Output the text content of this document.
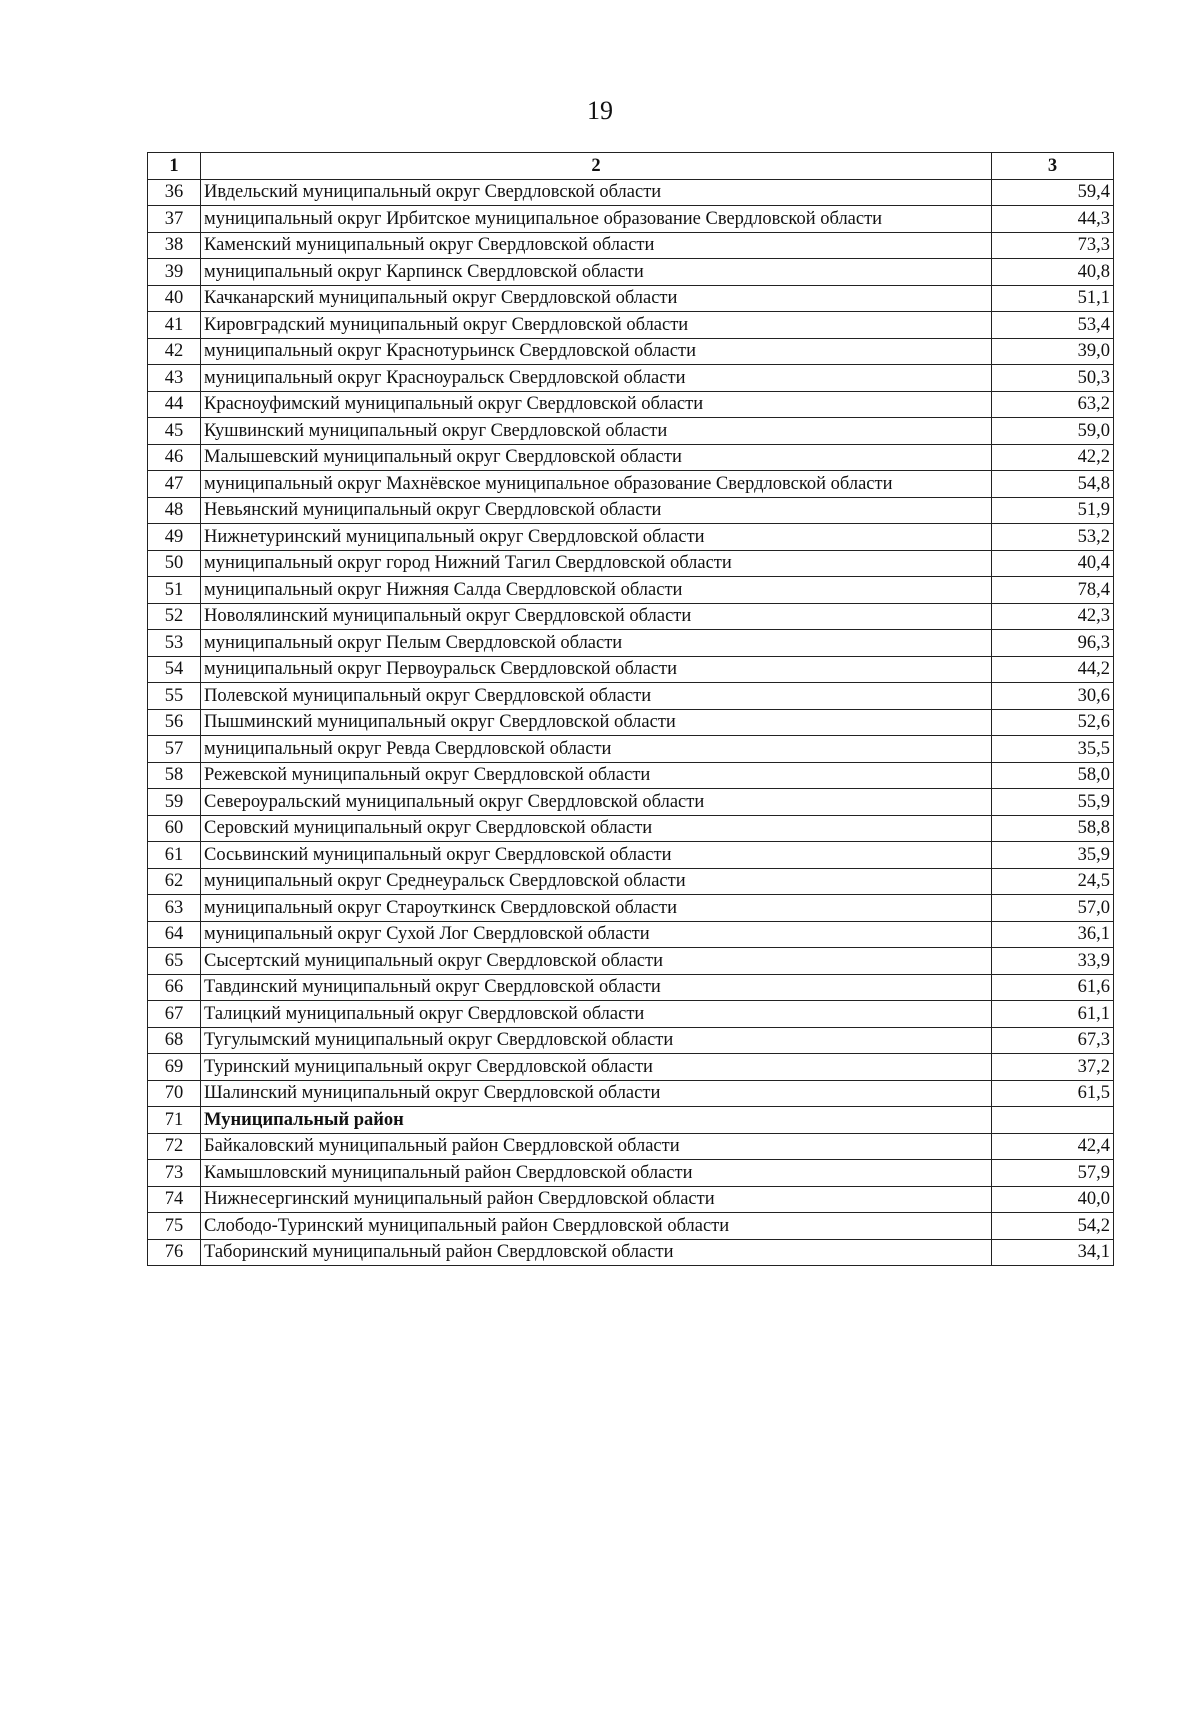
19
1	2	3
36	Ивдельский муниципальный округ Свердловской области	59,4
37	муниципальный округ Ирбитское муниципальное образование Свердловской области	44,3
38	Каменский муниципальный округ Свердловской области	73,3
39	муниципальный округ Карпинск Свердловской области	40,8
40	Качканарский муниципальный округ Свердловской области	51,1
41	Кировградский муниципальный округ Свердловской области	53,4
42	муниципальный округ Краснотурьинск Свердловской области	39,0
43	муниципальный округ Красноуральск Свердловской области	50,3
44	Красноуфимский муниципальный округ Свердловской области	63,2
45	Кушвинский муниципальный округ Свердловской области	59,0
46	Малышевский муниципальный округ Свердловской области	42,2
47	муниципальный округ Махнёвское муниципальное образование Свердловской области	54,8
48	Невьянский муниципальный округ Свердловской области	51,9
49	Нижнетуринский муниципальный округ Свердловской области	53,2
50	муниципальный округ город Нижний Тагил Свердловской области	40,4
51	муниципальный округ Нижняя Салда Свердловской области	78,4
52	Новолялинский муниципальный округ Свердловской области	42,3
53	муниципальный округ Пелым Свердловской области	96,3
54	муниципальный округ Первоуральск Свердловской области	44,2
55	Полевской муниципальный округ Свердловской области	30,6
56	Пышминский муниципальный округ Свердловской области	52,6
57	муниципальный округ Ревда Свердловской области	35,5
58	Режевской муниципальный округ Свердловской области	58,0
59	Североуральский муниципальный округ Свердловской области	55,9
60	Серовский муниципальный округ Свердловской области	58,8
61	Сосьвинский муниципальный округ Свердловской области	35,9
62	муниципальный округ Среднеуральск Свердловской области	24,5
63	муниципальный округ Староуткинск Свердловской области	57,0
64	муниципальный округ Сухой Лог Свердловской области	36,1
65	Сысертский муниципальный округ Свердловской области	33,9
66	Тавдинский муниципальный округ Свердловской области	61,6
67	Талицкий муниципальный округ Свердловской области	61,1
68	Тугулымский муниципальный округ Свердловской области	67,3
69	Туринский муниципальный округ Свердловской области	37,2
70	Шалинский муниципальный округ Свердловской области	61,5
71	Муниципальный район	
72	Байкаловский муниципальный район Свердловской области	42,4
73	Камышловский муниципальный район Свердловской области	57,9
74	Нижнесергинский муниципальный район Свердловской области	40,0
75	Слободо-Туринский муниципальный район Свердловской области	54,2
76	Таборинский муниципальный район Свердловской области	34,1
